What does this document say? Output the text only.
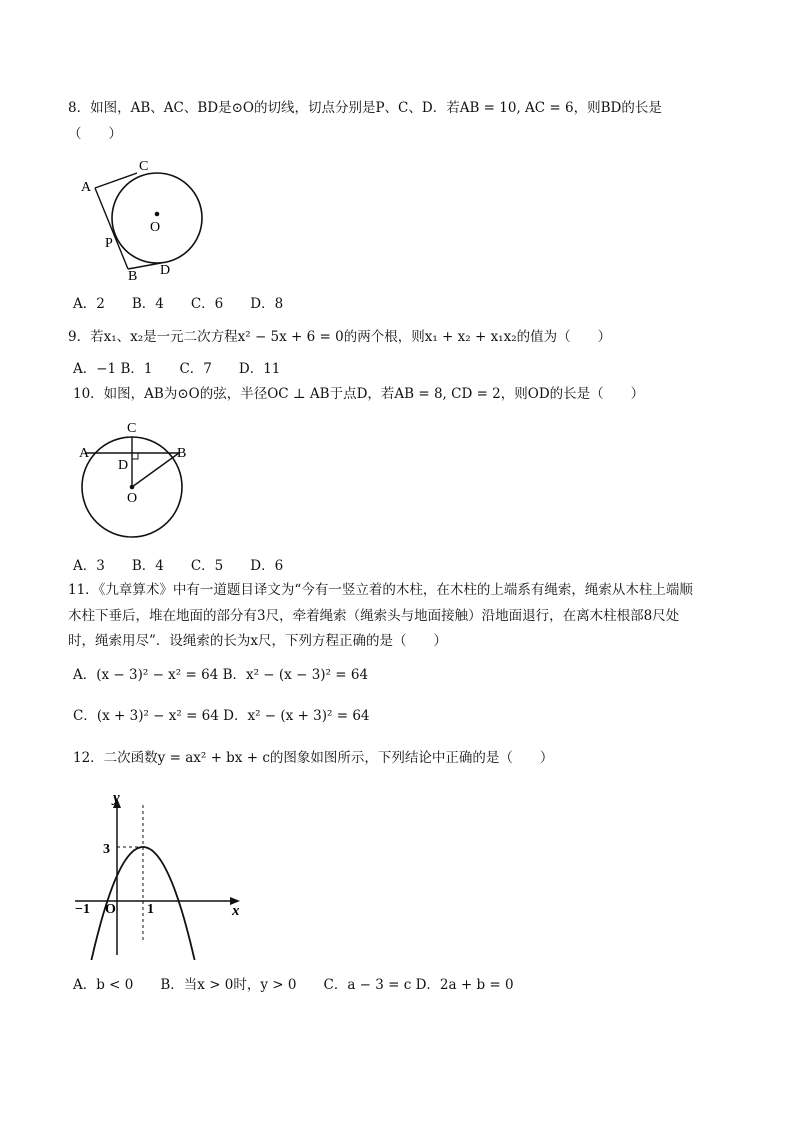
8．如图，AB、AC、BD是⊙O的切线，切点分别是P、C、D．若AB = 10, AC = 6，则BD的长是
（　　）
C
A
O
P
B D
A．2　　B．4　　C．6　　D．8
9．若x₁、x₂是一元二次方程x² − 5x + 6 = 0的两个根，则x₁ + x₂ + x₁x₂的值为（　　）
A．−1 B．1　　C．7　　D．11
10．如图，AB为⊙O的弦，半径OC ⊥ AB于点D，若AB = 8, CD = 2，则OD的长是（　　）
C
A	B
D
O
A．3　　B．4　　C．5　　D．6
11．《九章算术》中有一道题目译文为“今有一竖立着的木柱，在木柱的上端系有绳索，绳索从木柱上端顺
木柱下垂后，堆在地面的部分有3尺，牵着绳索（绳索头与地面接触）沿地面退行，在离木柱根部8尺处
时，绳索用尽”．设绳索的长为x尺，下列方程正确的是（　　）
A．(x − 3)² − x² = 64 B．x² − (x − 3)² = 64
C．(x + 3)² − x² = 64 D．x² − (x + 3)² = 64
12．二次函数y = ax² + bx + c的图象如图所示，下列结论中正确的是（　　）
y
x
3
−1 O 1
A．b < 0　　B．当x > 0时，y > 0　　C．a − 3 = c D．2a + b = 0
